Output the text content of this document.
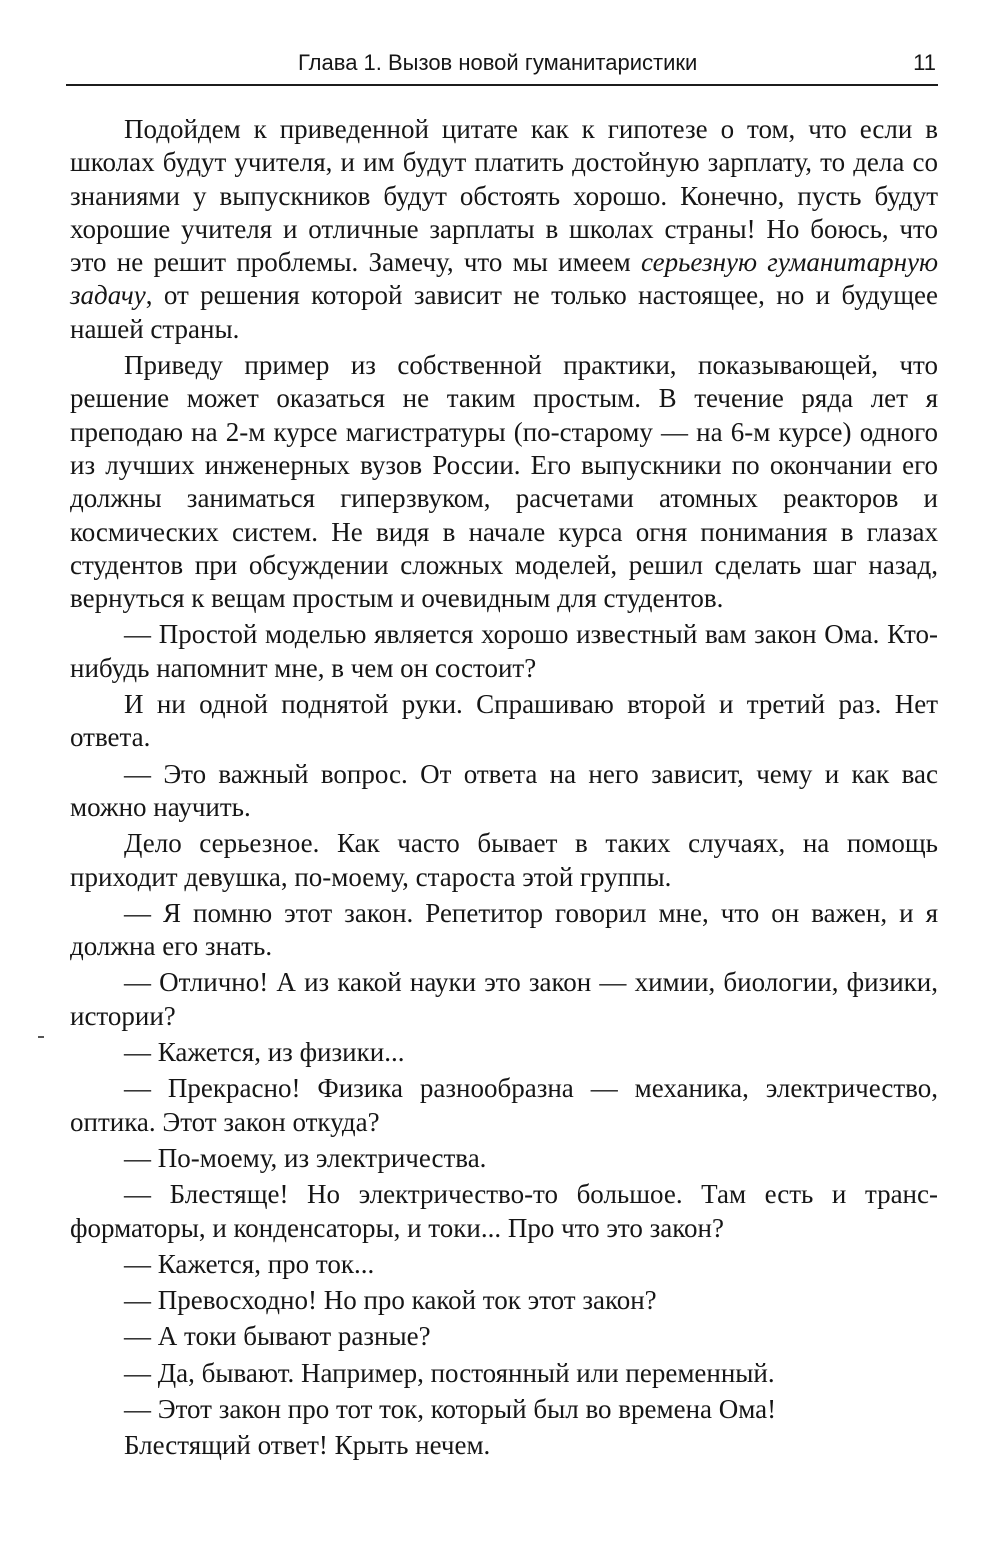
Глава 1. Вызов новой гуманитаристики	11

Подойдем к приведенной цитате как к гипотезе о том, что если в школах будут учителя, и им будут платить достойную зарплату, то дела со знаниями у выпускников будут обстоять хорошо. Конечно, пусть будут хорошие учителя и отличные зарплаты в школах страны! Но боюсь, что это не решит проблемы. Замечу, что мы имеем серьезную гуманитарную задачу, от решения которой зависит не только настоящее, но и будущее нашей страны.

Приведу пример из собственной практики, показывающей, что решение может оказаться не таким простым. В течение ряда лет я преподаю на 2-м курсе магистратуры (по-старому — на 6-м курсе) одного из лучших инженерных вузов России. Его выпускники по окончании его должны заниматься гиперзвуком, расчетами атомных реакторов и космических систем. Не видя в начале курса огня понимания в глазах студентов при обсуждении сложных моделей, решил сделать шаг назад, вернуться к вещам простым и очевидным для студентов.

— Простой моделью является хорошо известный вам закон Ома. Кто-нибудь напомнит мне, в чем он состоит?

И ни одной поднятой руки. Спрашиваю второй и третий раз. Нет ответа.

— Это важный вопрос. От ответа на него зависит, чему и как вас можно научить.

Дело серьезное. Как часто бывает в таких случаях, на помощь приходит девушка, по-моему, староста этой группы.

— Я помню этот закон. Репетитор говорил мне, что он важен, и я должна его знать.

— Отлично! А из какой науки это закон — химии, биологии, физики, истории?

— Кажется, из физики...

— Прекрасно! Физика разнообразна — механика, электричество, оптика. Этот закон откуда?

— По-моему, из электричества.

— Блестяще! Но электричество-то большое. Там есть и трансформаторы, и конденсаторы, и токи... Про что это закон?

— Кажется, про ток...

— Превосходно! Но про какой ток этот закон?

— А токи бывают разные?

— Да, бывают. Например, постоянный или переменный.

— Этот закон про тот ток, который был во времена Ома!

Блестящий ответ! Крыть нечем.
